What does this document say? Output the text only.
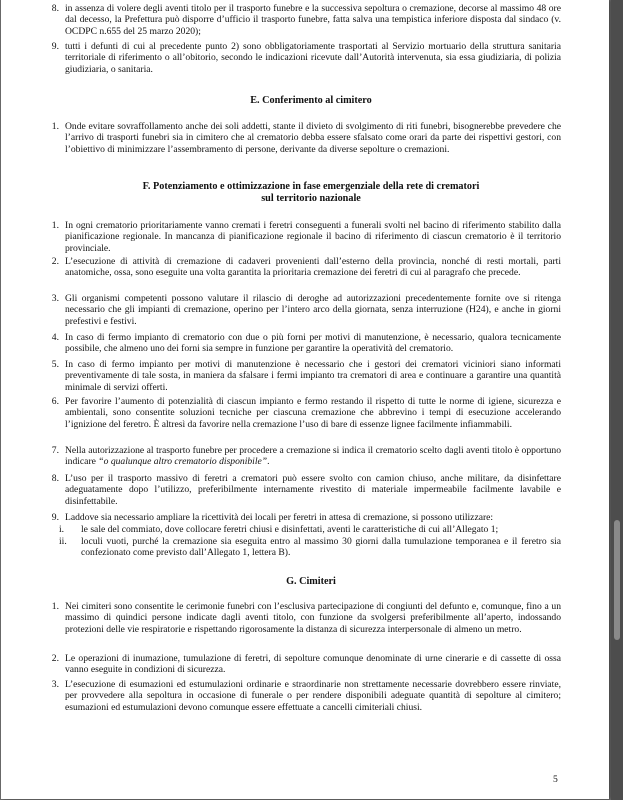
8. in assenza di volere degli aventi titolo per il trasporto funebre e la successiva sepoltura o cremazione, decorse al massimo 48 ore dal decesso, la Prefettura può disporre d’ufficio il trasporto funebre, fatta salva una tempistica inferiore disposta dal sindaco (v. OCDPC n.655 del 25 marzo 2020);
9. tutti i defunti di cui al precedente punto 2) sono obbligatoriamente trasportati al Servizio mortuario della struttura sanitaria territoriale di riferimento o all’obitorio, secondo le indicazioni ricevute dall’Autorità intervenuta, sia essa giudiziaria, di polizia giudiziaria, o sanitaria.
E. Conferimento al cimitero
1. Onde evitare sovraffollamento anche dei soli addetti, stante il divieto di svolgimento di riti funebri, bisognerebbe prevedere che l’arrivo di trasporti funebri sia in cimitero che al crematorio debba essere sfalsato come orari da parte dei rispettivi gestori, con l’obiettivo di minimizzare l’assembramento di persone, derivante da diverse sepolture o cremazioni.
F. Potenziamento e ottimizzazione in fase emergenziale della rete di crematori
sul territorio nazionale
1. In ogni crematorio prioritariamente vanno cremati i feretri conseguenti a funerali svolti nel bacino di riferimento stabilito dalla pianificazione regionale. In mancanza di pianificazione regionale il bacino di riferimento di ciascun crematorio è il territorio provinciale.
2. L’esecuzione di attività di cremazione di cadaveri provenienti dall’esterno della provincia, nonché di resti mortali, parti anatomiche, ossa, sono eseguite una volta garantita la prioritaria cremazione dei feretri di cui al paragrafo che precede.
3. Gli organismi competenti possono valutare il rilascio di deroghe ad autorizzazioni precedentemente fornite ove si ritenga necessario che gli impianti di cremazione, operino per l’intero arco della giornata, senza interruzione (H24), e anche in giorni prefestivi e festivi.
4. In caso di fermo impianto di crematorio con due o più forni per motivi di manutenzione, è necessario, qualora tecnicamente possibile, che almeno uno dei forni sia sempre in funzione per garantire la operatività del crematorio.
5. In caso di fermo impianto per motivi di manutenzione è necessario che i gestori dei crematori viciniori siano informati preventivamente di tale sosta, in maniera da sfalsare i fermi impianto tra crematori di area e continuare a garantire una quantità minimale di servizi offerti.
6. Per favorire l’aumento di potenzialità di ciascun impianto e fermo restando il rispetto di tutte le norme di igiene, sicurezza e ambientali, sono consentite soluzioni tecniche per ciascuna cremazione che abbrevino i tempi di esecuzione accelerando l’ignizione del feretro. È altresì da favorire nella cremazione l’uso di bare di essenze lignee facilmente infiammabili.
7. Nella autorizzazione al trasporto funebre per procedere a cremazione si indica il crematorio scelto dagli aventi titolo è opportuno indicare “o qualunque altro crematorio disponibile”.
8. L’uso per il trasporto massivo di feretri a crematori può essere svolto con camion chiuso, anche militare, da disinfettare adeguatamente dopo l’utilizzo, preferibilmente internamente rivestito di materiale impermeabile facilmente lavabile e disinfettabile.
9. Laddove sia necessario ampliare la ricettività dei locali per feretri in attesa di cremazione, si possono utilizzare:
i.	le sale del commiato, dove collocare feretri chiusi e disinfettati, aventi le caratteristiche di cui all’Allegato 1;
ii.	loculi vuoti, purché la cremazione sia eseguita entro al massimo 30 giorni dalla tumulazione temporanea e il feretro sia confezionato come previsto dall’Allegato 1, lettera B).
G. Cimiteri
1. Nei cimiteri sono consentite le cerimonie funebri con l’esclusiva partecipazione di congiunti del defunto e, comunque, fino a un massimo di quindici persone indicate dagli aventi titolo, con funzione da svolgersi preferibilmente all’aperto, indossando protezioni delle vie respiratorie e rispettando rigorosamente la distanza di sicurezza interpersonale di almeno un metro.
2. Le operazioni di inumazione, tumulazione di feretri, di sepolture comunque denominate di urne cinerarie e di cassette di ossa vanno eseguite in condizioni di sicurezza.
3. L’esecuzione di esumazioni ed estumulazioni ordinarie e straordinarie non strettamente necessarie dovrebbero essere rinviate, per provvedere alla sepoltura in occasione di funerale o per rendere disponibili adeguate quantità di sepolture al cimitero; esumazioni ed estumulazioni devono comunque essere effettuate a cancelli cimiteriali chiusi.
5
